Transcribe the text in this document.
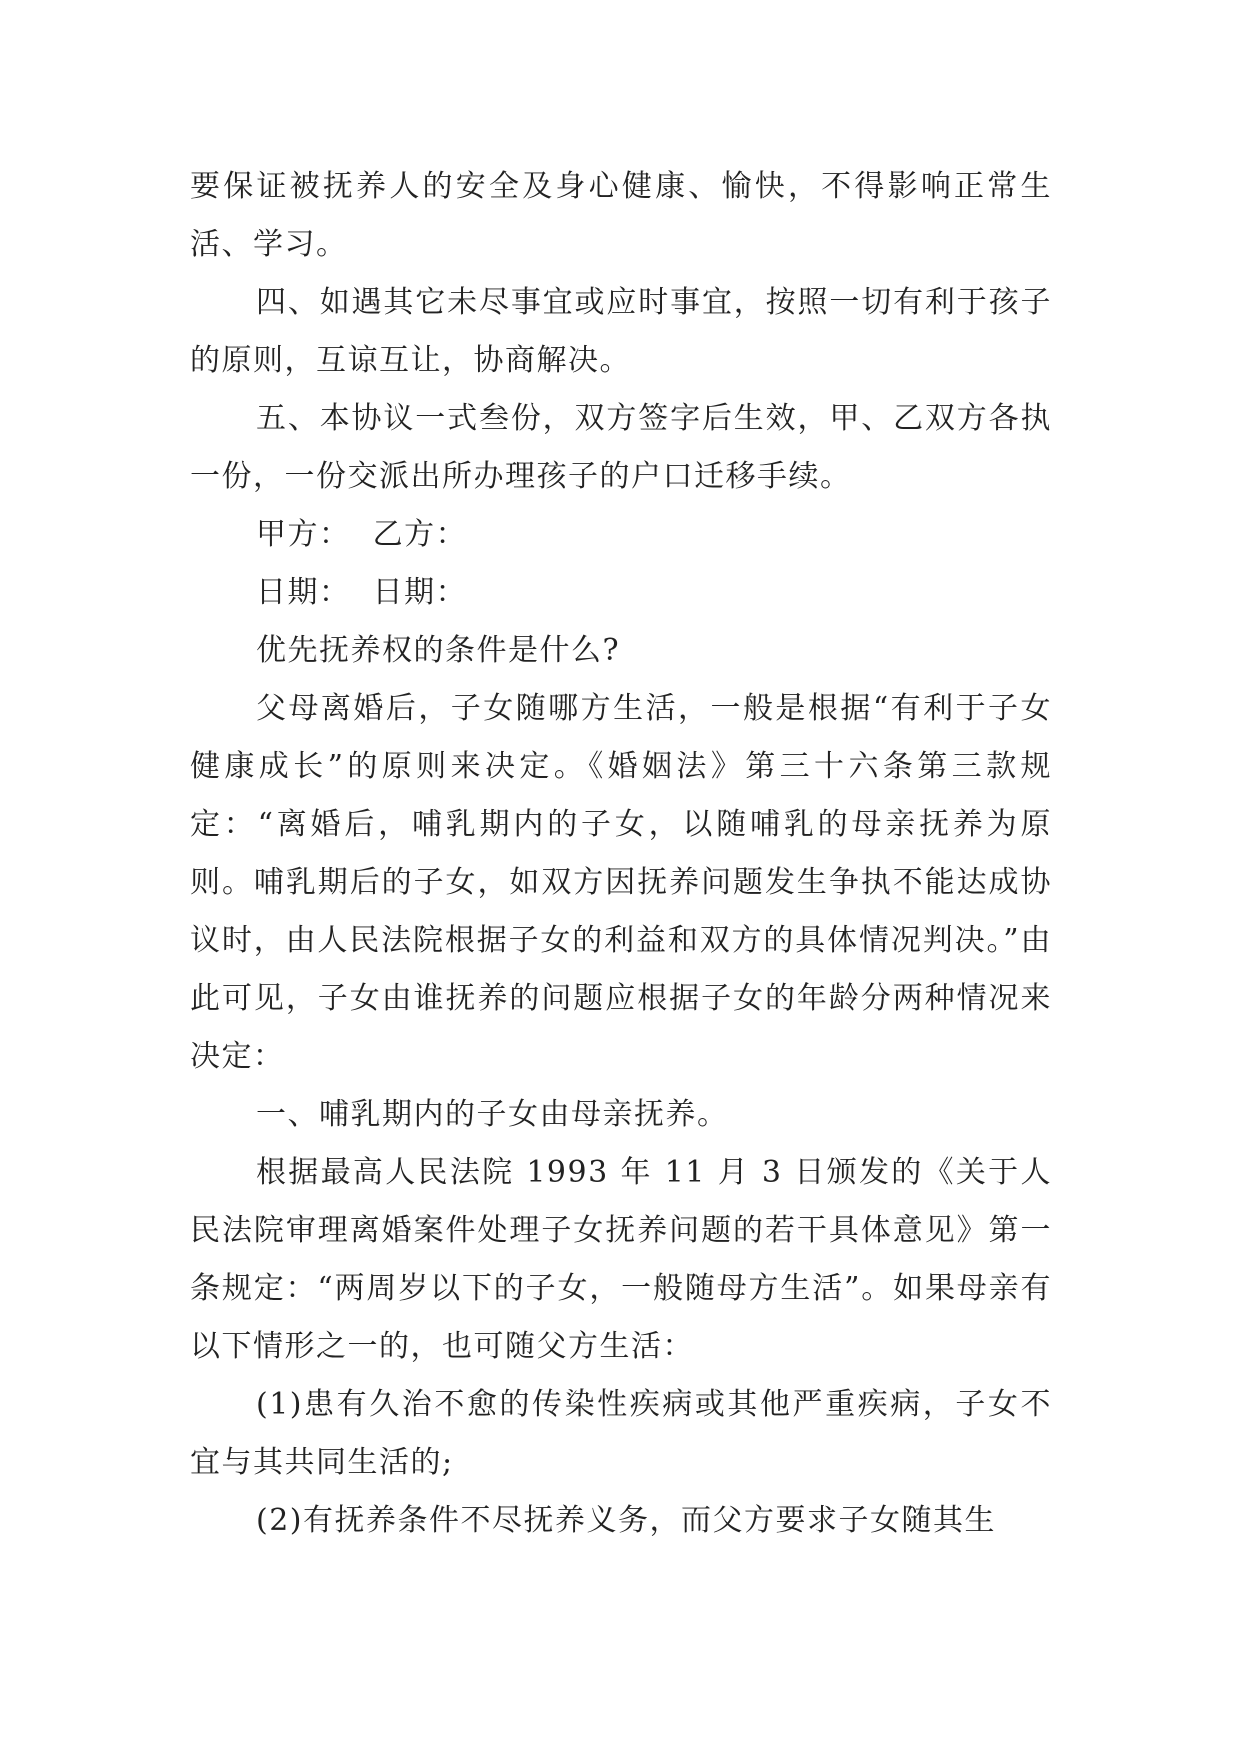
要保证被抚养人的安全及身心健康、愉快，不得影响正常生活、学习。

四、如遇其它未尽事宜或应时事宜，按照一切有利于孩子的原则，互谅互让，协商解决。

五、本协议一式叁份，双方签字后生效，甲、乙双方各执一份，一份交派出所办理孩子的户口迁移手续。

甲方：  乙方：

日期：  日期：

优先抚养权的条件是什么?

父母离婚后，子女随哪方生活，一般是根据“有利于子女健康成长”的原则来决定。《婚姻法》第三十六条第三款规定：“离婚后，哺乳期内的子女，以随哺乳的母亲抚养为原则。哺乳期后的子女，如双方因抚养问题发生争执不能达成协议时，由人民法院根据子女的利益和双方的具体情况判决。”由此可见，子女由谁抚养的问题应根据子女的年龄分两种情况来决定：

一、哺乳期内的子女由母亲抚养。

根据最高人民法院 1993 年 11 月 3 日颁发的《关于人民法院审理离婚案件处理子女抚养问题的若干具体意见》第一条规定：“两周岁以下的子女，一般随母方生活”。如果母亲有以下情形之一的，也可随父方生活：

(1)患有久治不愈的传染性疾病或其他严重疾病，子女不宜与其共同生活的;

(2)有抚养条件不尽抚养义务，而父方要求子女随其生
